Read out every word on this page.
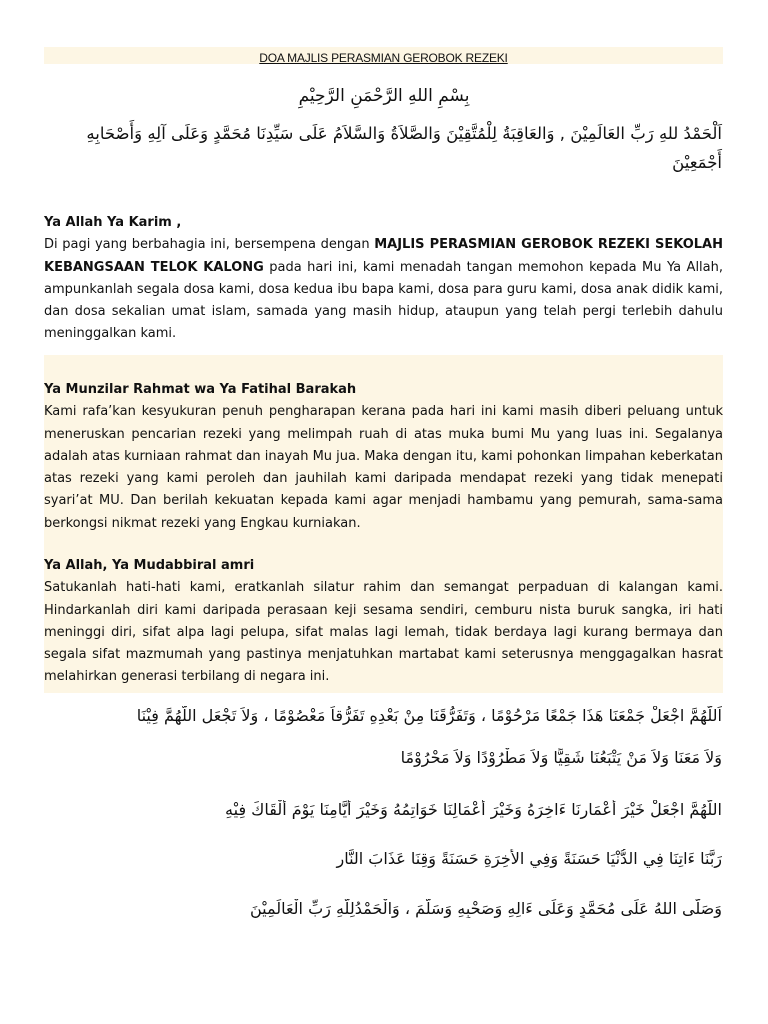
DOA MAJLIS PERASMIAN GEROBOK REZEKI
بِسْمِ اللهِ الرَّحْمَنِ الرَّحِيْمِ
اَلْحَمْدُ للهِ رَبِّ العَالَمِيْنَ , وَالعَاقِبَةُ لِلْمُتَّقِيْنَ وَالصَّلاَةُ وَالسَّلاَمُ عَلَى سَيِّدِنَا مُحَمَّدٍ وَعَلَى آلِهِ وَأَصْحَابِهِ أَجْمَعِيْنَ
Ya Allah Ya Karim ,
Di pagi yang berbahagia ini, bersempena dengan MAJLIS PERASMIAN GEROBOK REZEKI SEKOLAH KEBANGSAAN TELOK KALONG pada hari ini, kami menadah tangan memohon kepada Mu Ya Allah, ampunkanlah segala dosa kami, dosa kedua ibu bapa kami, dosa para guru kami, dosa anak didik kami, dan dosa sekalian umat islam, samada yang masih hidup, ataupun yang telah pergi terlebih dahulu meninggalkan kami.
Ya Munzilar Rahmat wa Ya Fatihal Barakah
Kami rafa’kan kesyukuran penuh pengharapan kerana pada hari ini kami masih diberi peluang untuk meneruskan pencarian rezeki yang melimpah ruah di atas muka bumi Mu yang luas ini. Segalanya adalah atas kurniaan rahmat dan inayah Mu jua. Maka dengan itu, kami pohonkan limpahan keberkatan atas rezeki yang kami peroleh dan jauhilah kami daripada mendapat rezeki yang tidak menepati syari’at MU. Dan berilah kekuatan kepada kami agar menjadi hambamu yang pemurah, sama-sama berkongsi nikmat rezeki yang Engkau kurniakan.
Ya Allah, Ya Mudabbiral amri
Satukanlah hati-hati kami, eratkanlah silatur rahim dan semangat perpaduan di kalangan kami. Hindarkanlah diri kami daripada perasaan keji sesama sendiri, cemburu nista buruk sangka, iri hati meninggi diri, sifat alpa lagi pelupa, sifat malas lagi lemah, tidak berdaya lagi kurang bermaya dan segala sifat mazmumah yang pastinya menjatuhkan martabat kami seterusnya menggagalkan hasrat melahirkan generasi terbilang di negara ini.
اَللَّهُمَّ اجْعَلْ جَمْعَنَا هَذَا جَمْعًا مَرْحُوْمًا ، وَتَفَرُّقَنَا مِنْ بَعْدِهِ تَفَرُّقاً مَعْصُوْمًا ، وَلاَ تَجْعَلِ اللَّهُمَّ فِيْنَا
وَلاَ مَعَنَا وَلاَ مَنْ يَتْبَعُنَا شَقِيًّا وَلاَ مَطْرُوْدًا وَلاَ مَحْرُوْمًا
اللَّهُمَّ اجْعَلْ خَيْرَ أَعْمَارِنَا ءَاخِرَهُ وَخَيْرَ أَعْمَالِنَا خَوَاتِمُهُ وَخَيْرَ أَيَّامِنَا يَوْمَ أَلْقَاكَ فِيْهِ
رَبَّنَا ءَاتِنَا فِي الدُّنْيَا حَسَنَةً وَفِي الأخِرَةِ حَسَنَةً وَقِنَا عَذَابَ النَّارِ
وَصَلَّى اللهُ عَلَى مُحَمَّدٍ وَعَلَى ءَالِهِ وَصَحْبِهِ وَسَلَّمَ ، وَالْحَمْدُلِلَّهِ رَبِّ الْعَالَمِيْنَ
